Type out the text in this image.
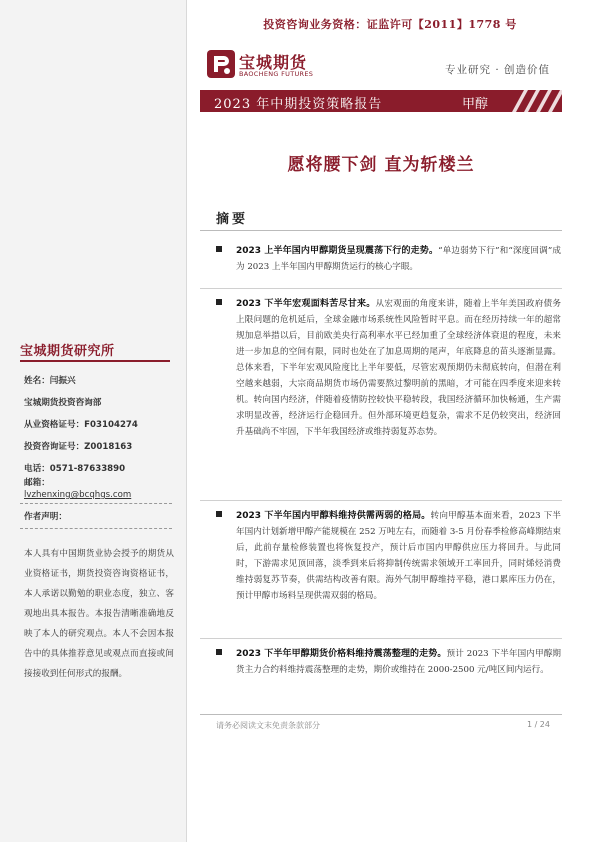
投资咨询业务资格：证监许可【2011】1778 号
宝城期货
BAOCHENG FUTURES	专业研究 · 创造价值
2023 年中期投资策略报告	甲醇
愿将腰下剑 直为斩楼兰
摘要

2023 上半年国内甲醇期货呈现震荡下行的走势。“单边弱势下行”和“深度回调”成为 2023 上半年国内甲醇期货运行的核心字眼。

2023 下半年宏观面料苦尽甘来。从宏观面的角度来讲，随着上半年美国政府债务上限问题的危机延后，全球金融市场系统性风险暂时平息。而在经历持续一年的超常规加息举措以后，目前欧美央行高利率水平已经加重了全球经济体衰退的程度，未来进一步加息的空间有限，同时也处在了加息周期的尾声，年底降息的苗头逐渐显露。总体来看，下半年宏观风险度比上半年要低，尽管宏观预期仍未彻底转向，但潜在利空越来越弱，大宗商品期货市场仍需要熬过黎明前的黑暗，才可能在四季度来迎来转机。转向国内经济，伴随着疫情防控较快平稳转段，我国经济循环加快畅通，生产需求明显改善，经济运行企稳回升。但外部环境更趋复杂，需求不足仍较突出，经济回升基础尚不牢固，下半年我国经济或维持弱复苏态势。

2023 下半年国内甲醇料维持供需两弱的格局。转向甲醇基本面来看，2023 下半年国内计划新增甲醇产能规模在 252 万吨左右，而随着 3-5 月份春季检修高峰期结束后，此前存量检修装置也将恢复投产，预计后市国内甲醇供应压力将回升。与此同时，下游需求见顶回落，淡季到来后将抑制传统需求领域开工率回升，同时烯烃消费维持弱复苏节奏，供需结构改善有限。海外气制甲醇维持平稳，港口累库压力仍在，预计甲醇市场料呈现供需双弱的格局。

2023 下半年甲醇期货价格料维持震荡整理的走势。预计 2023 下半年国内甲醇期货主力合约料维持震荡整理的走势，期价或维持在 2000-2500 元/吨区间内运行。

宝城期货研究所
姓名：闫振兴
宝城期货投资咨询部
从业资格证号：F03104274
投资咨询证号：Z0018163
电话：0571-87633890
邮箱：
lvzhenxing@bcqhgs.com
作者声明：
本人具有中国期货业协会授予的期货从业资格证书，期货投资咨询资格证书，本人承诺以勤勉的职业态度，独立、客观地出具本报告。本报告清晰准确地反映了本人的研究观点。本人不会因本报告中的具体推荐意见或观点而直接或间接接收到任何形式的报酬。
请务必阅读文末免责条款部分	1 / 24
